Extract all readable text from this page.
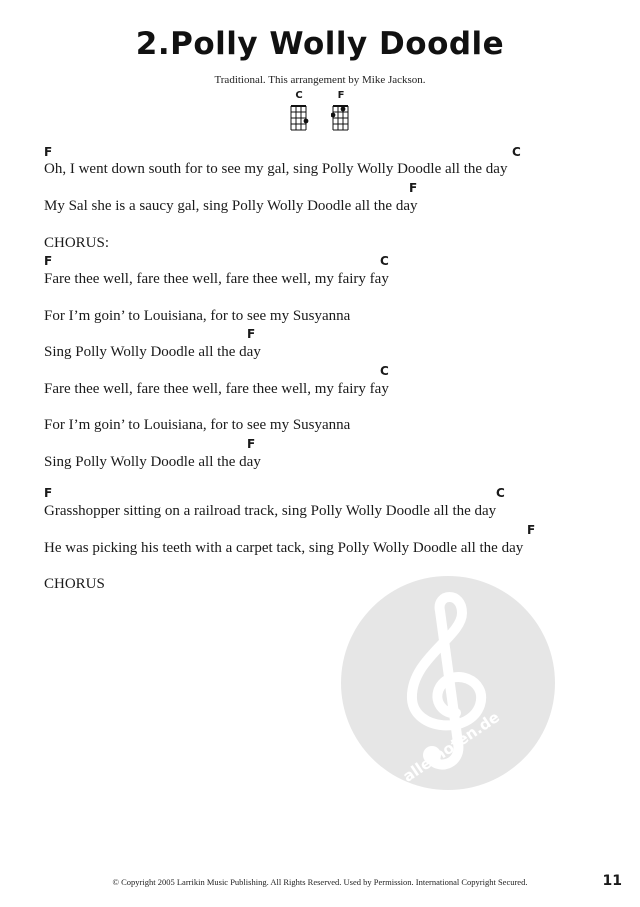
2.Polly Wolly Doodle
Traditional. This arrangement by Mike Jackson.
C	F
alle-noten.de
F	C
Oh, I went down south for to see my gal, sing Polly Wolly Doodle all the day
F
My Sal she is a saucy gal, sing Polly Wolly Doodle all the day
CHORUS:
F	C
Fare thee well, fare thee well, fare thee well, my fairy fay
For I’m goin’ to Louisiana, for to see my Susyanna
F
Sing Polly Wolly Doodle all the day
C
Fare thee well, fare thee well, fare thee well, my fairy fay
For I’m goin’ to Louisiana, for to see my Susyanna
F
Sing Polly Wolly Doodle all the day
F	C
Grasshopper sitting on a railroad track, sing Polly Wolly Doodle all the day
F
He was picking his teeth with a carpet tack, sing Polly Wolly Doodle all the day
CHORUS
© Copyright 2005 Larrikin Music Publishing. All Rights Reserved. Used by Permission. International Copyright Secured.	11
